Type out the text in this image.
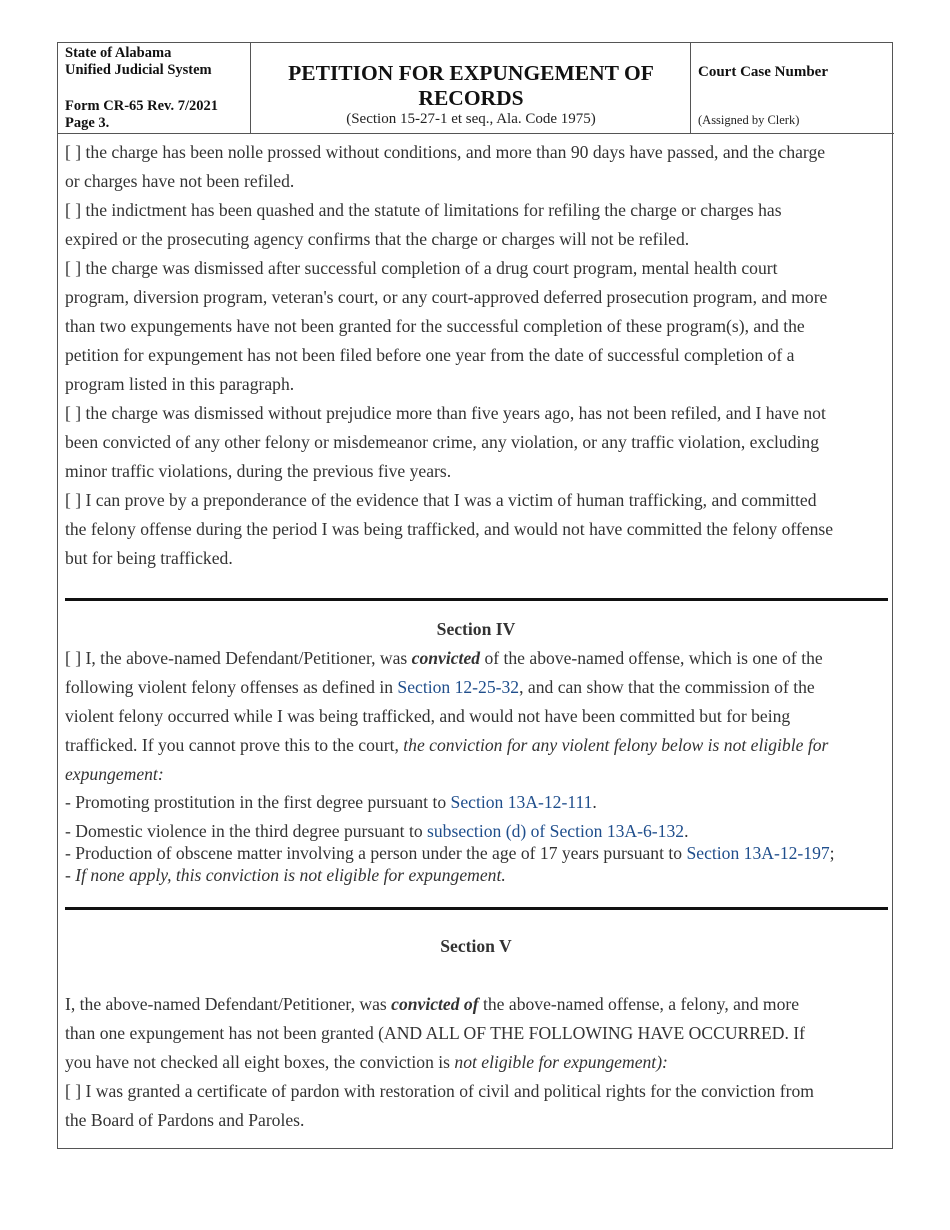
State of Alabama
Unified Judicial System
Form CR-65 Rev. 7/2021
Page 3.
PETITION FOR EXPUNGEMENT OF
RECORDS
(Section 15-27-1 et seq., Ala. Code 1975)
Court Case Number
(Assigned by Clerk)
[ ] the charge has been nolle prossed without conditions, and more than 90 days have passed, and the charge
or charges have not been refiled.
[ ] the indictment has been quashed and the statute of limitations for refiling the charge or charges has
expired or the prosecuting agency confirms that the charge or charges will not be refiled.
[ ] the charge was dismissed after successful completion of a drug court program, mental health court
program, diversion program, veteran's court, or any court-approved deferred prosecution program, and more
than two expungements have not been granted for the successful completion of these program(s), and the
petition for expungement has not been filed before one year from the date of successful completion of a
program listed in this paragraph.
[ ] the charge was dismissed without prejudice more than five years ago, has not been refiled, and I have not
been convicted of any other felony or misdemeanor crime, any violation, or any traffic violation, excluding
minor traffic violations, during the previous five years.
[ ] I can prove by a preponderance of the evidence that I was a victim of human trafficking, and committed
the felony offense during the period I was being trafficked, and would not have committed the felony offense
but for being trafficked.
Section IV
[ ] I, the above-named Defendant/Petitioner, was convicted of the above-named offense, which is one of the
following violent felony offenses as defined in Section 12-25-32, and can show that the commission of the
violent felony occurred while I was being trafficked, and would not have been committed but for being
trafficked. If you cannot prove this to the court, the conviction for any violent felony below is not eligible for
expungement:
- Promoting prostitution in the first degree pursuant to Section 13A-12-111.
- Domestic violence in the third degree pursuant to subsection (d) of Section 13A-6-132.
- Production of obscene matter involving a person under the age of 17 years pursuant to Section 13A-12-197;
- If none apply, this conviction is not eligible for expungement.
Section V
I, the above-named Defendant/Petitioner, was convicted of the above-named offense, a felony, and more
than one expungement has not been granted (AND ALL OF THE FOLLOWING HAVE OCCURRED. If
you have not checked all eight boxes, the conviction is not eligible for expungement):
[ ] I was granted a certificate of pardon with restoration of civil and political rights for the conviction from
the Board of Pardons and Paroles.
